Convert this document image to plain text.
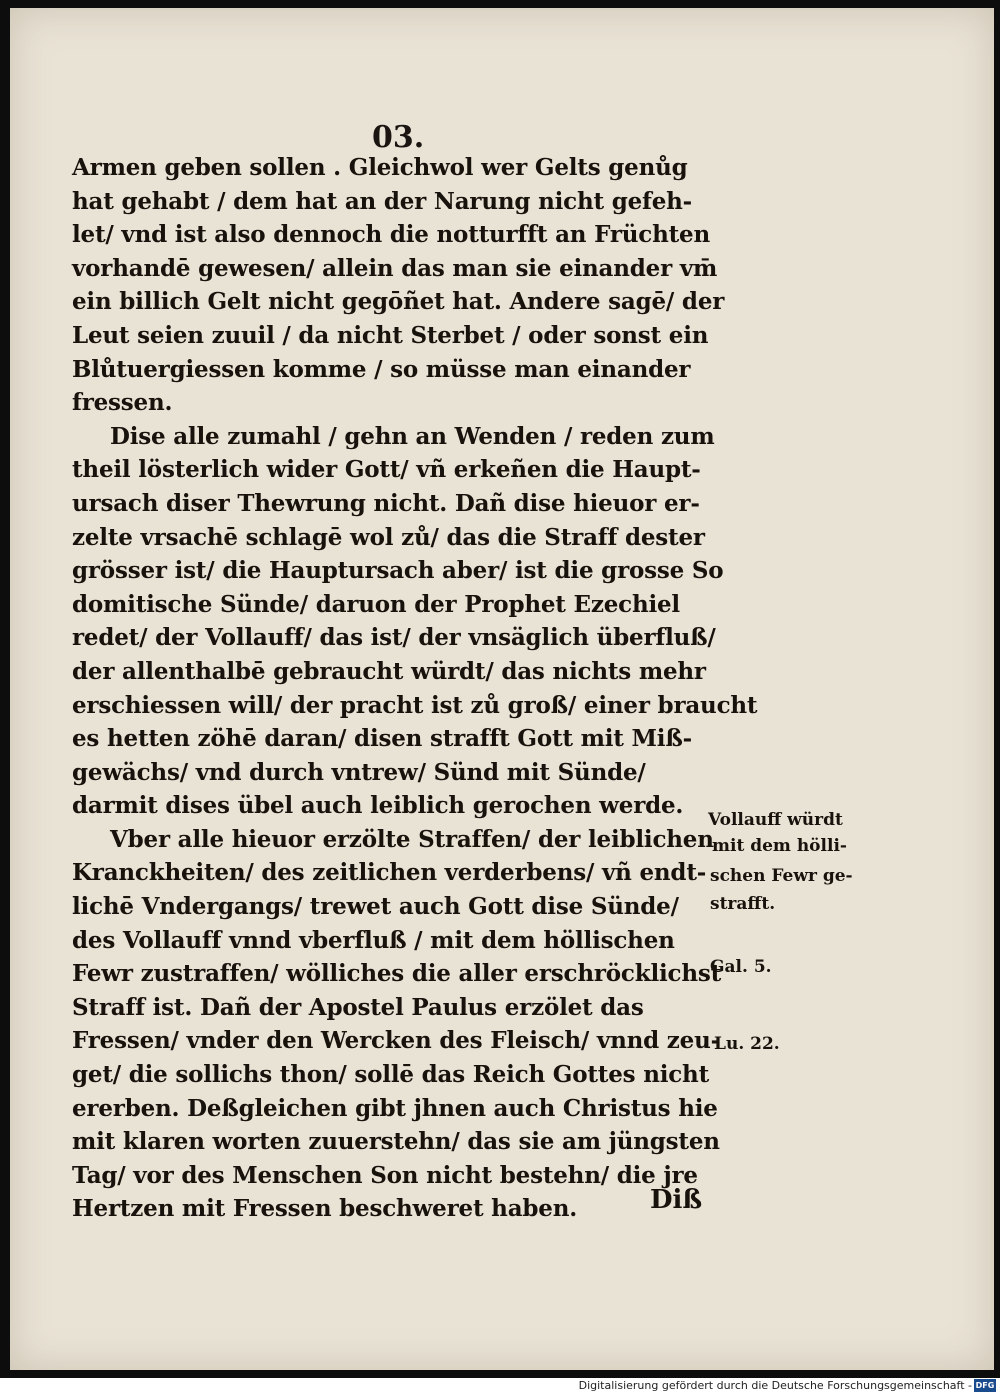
03.
Armen geben sollen . Gleichwol wer Gelts genůg
hat gehabt / dem hat an der Narung nicht gefeh-
let/ vnd ist also dennoch die notturfft an Früchten
vorhandē gewesen/ allein das man sie einander vm̄
ein billich Gelt nicht gegōñet hat. Andere sagē/ der
Leut seien zuuil / da nicht Sterbet / oder sonst ein
Blůtuergiessen komme / so müsse man einander
fressen.
Dise alle zumahl / gehn an Wenden / reden zum
theil lösterlich wider Gott/ vñ erkeñen die Haupt-
ursach diser Thewrung nicht. Dañ dise hieuor er-
zelte vrsachē schlagē wol zů/ das die Straff dester
grösser ist/ die Hauptursach aber/ ist die grosse So
domitische Sünde/ daruon der Prophet Ezechiel
redet/ der Vollauff/ das ist/ der vnsäglich überfluß/
der allenthalbē gebraucht würdt/ das nichts mehr
erschiessen will/ der pracht ist zů groß/ einer braucht
es hetten zöhē daran/ disen strafft Gott mit Miß-
gewächs/ vnd durch vntrew/ Sünd mit Sünde/
darmit dises übel auch leiblich gerochen werde.
Vber alle hieuor erzölte Straffen/ der leiblichen
Kranckheiten/ des zeitlichen verderbens/ vñ endt-
lichē Vndergangs/ trewet auch Gott dise Sünde/
des Vollauff vnnd vberfluß / mit dem höllischen
Fewr zustraffen/ wölliches die aller erschröcklichst
Straff ist. Dañ der Apostel Paulus erzölet das
Fressen/ vnder den Wercken des Fleisch/ vnnd zeu-
get/ die sollichs thon/ sollē das Reich Gottes nicht
ererben. Deßgleichen gibt jhnen auch Christus hie
mit klaren worten zuuerstehn/ das sie am jüngsten
Tag/ vor des Menschen Son nicht bestehn/ die jre
Hertzen mit Fressen beschweret haben.
Vollauff würdt
mit dem hölli-
schen Fewr ge-
strafft.
Gal. 5.
Lu. 22.
Diß
Digitalisierung gefördert durch die Deutsche Forschungsgemeinschaft - DFG
